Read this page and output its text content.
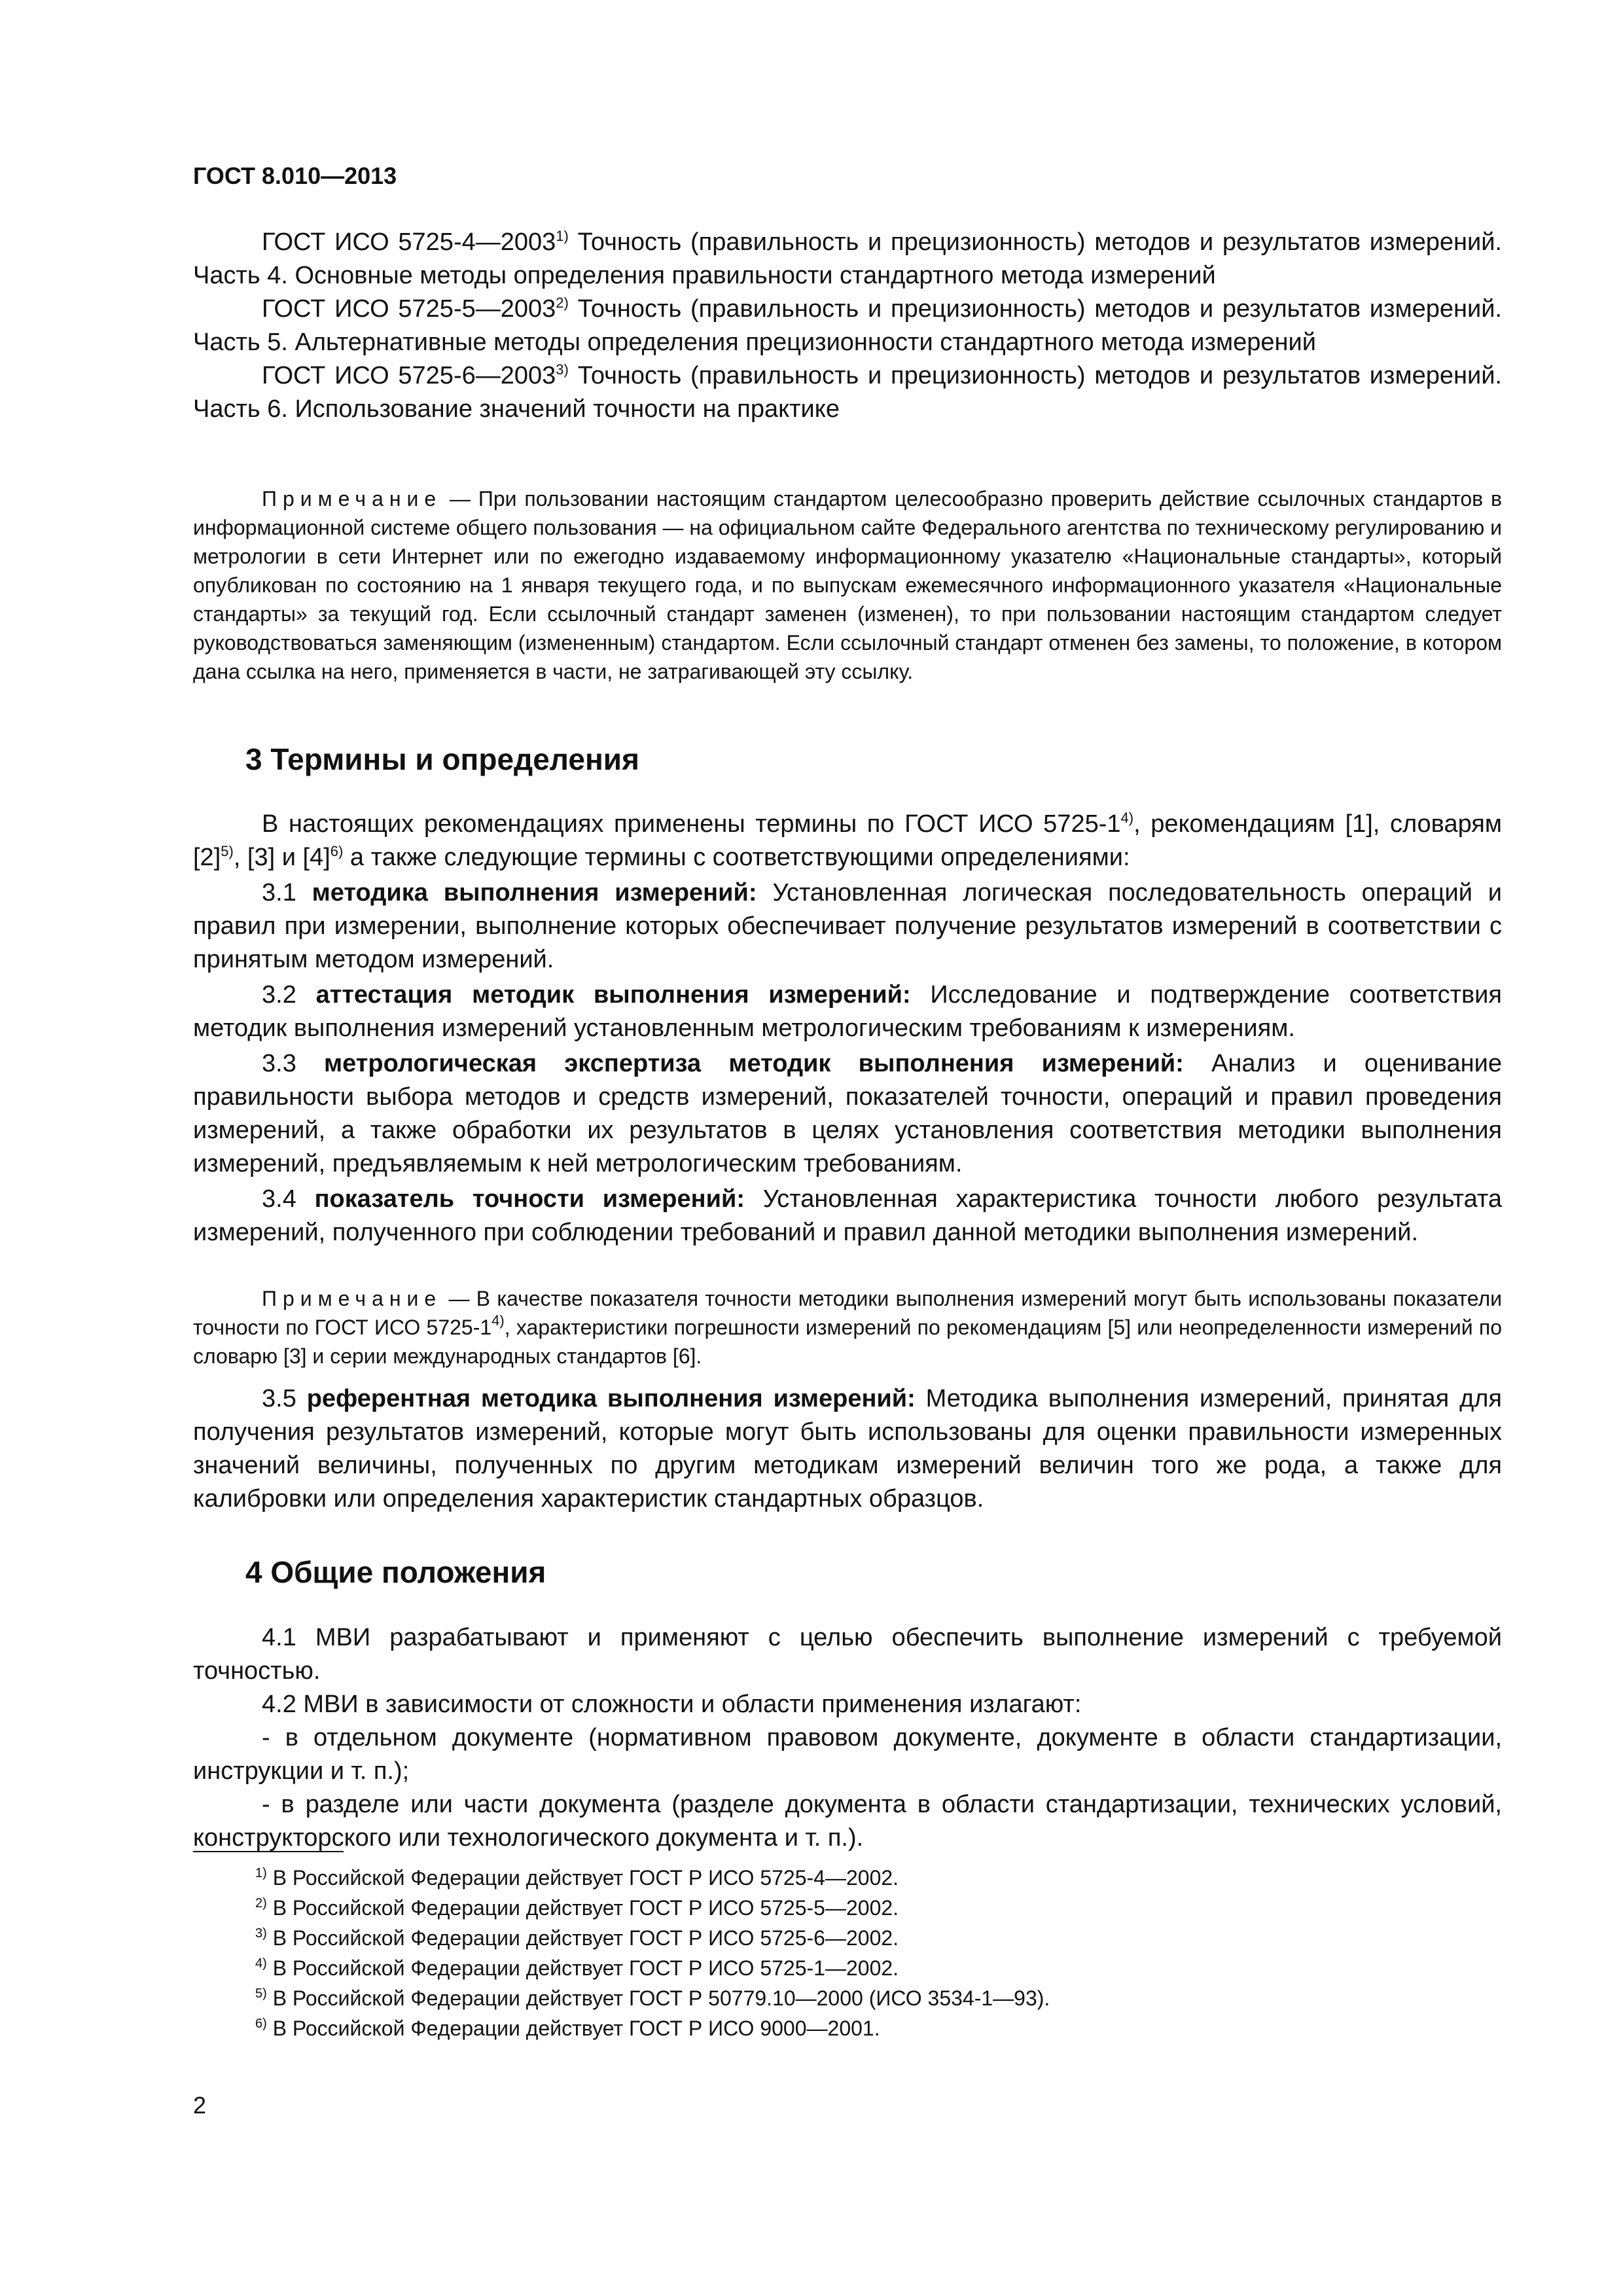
ГОСТ 8.010—2013

ГОСТ ИСО 5725-4—2003$^{1)}$ Точность (правильность и прецизионность) методов и результатов измерений. Часть 4. Основные методы определения правильности стандартного метода измерений

ГОСТ ИСО 5725-5—2003$^{2)}$ Точность (правильность и прецизионность) методов и результатов измерений. Часть 5. Альтернативные методы определения прецизионности стандартного метода измерений

ГОСТ ИСО 5725-6—2003$^{3)}$ Точность (правильность и прецизионность) методов и результатов измерений. Часть 6. Использование значений точности на практике

Примечание — При пользовании настоящим стандартом целесообразно проверить действие ссылочных стандартов в информационной системе общего пользования — на официальном сайте Федерального агентства по техническому регулированию и метрологии в сети Интернет или по ежегодно издаваемому информационному указателю «Национальные стандарты», который опубликован по состоянию на 1 января текущего года, и по выпускам ежемесячного информационного указателя «Национальные стандарты» за текущий год. Если ссылочный стандарт заменен (изменен), то при пользовании настоящим стандартом следует руководствоваться заменяющим (измененным) стандартом. Если ссылочный стандарт отменен без замены, то положение, в котором дана ссылка на него, применяется в части, не затрагивающей эту ссылку.

3 Термины и определения

В настоящих рекомендациях применены термины по ГОСТ ИСО 5725-1$^{4)}$, рекомендациям [1], словарям $[2]^{5)}$, [3] и $[4]^{6)}$ а также следующие термины с соответствующими определениями:

3.1 методика выполнения измерений: Установленная логическая последовательность операций и правил при измерении, выполнение которых обеспечивает получение результатов измерений в соответствии с принятым методом измерений.

3.2 аттестация методик выполнения измерений: Исследование и подтверждение соответствия методик выполнения измерений установленным метрологическим требованиям к измерениям.

3.3 метрологическая экспертиза методик выполнения измерений: Анализ и оценивание правильности выбора методов и средств измерений, показателей точности, операций и правил проведения измерений, а также обработки их результатов в целях установления соответствия методики выполнения измерений, предъявляемым к ней метрологическим требованиям.

3.4 показатель точности измерений: Установленная характеристика точности любого результата измерений, полученного при соблюдении требований и правил данной методики выполнения измерений.

Примечание — В качестве показателя точности методики выполнения измерений могут быть использованы показатели точности по ГОСТ ИСО 5725-1$^{4)}$, характеристики погрешности измерений по рекомендациям [5] или неопределенности измерений по словарю [3] и серии международных стандартов [6].

3.5 референтная методика выполнения измерений: Методика выполнения измерений, принятая для получения результатов измерений, которые могут быть использованы для оценки правильности измеренных значений величины, полученных по другим методикам измерений величин того же рода, а также для калибровки или определения характеристик стандартных образцов.

4 Общие положения

4.1 МВИ разрабатывают и применяют с целью обеспечить выполнение измерений с требуемой точностью.

4.2 МВИ в зависимости от сложности и области применения излагают:

- в отдельном документе (нормативном правовом документе, документе в области стандартизации, инструкции и т. п.);

- в разделе или части документа (разделе документа в области стандартизации, технических условий, конструкторского или технологического документа и т. п.).

$^{1)}$ В Российской Федерации действует ГОСТ Р ИСО 5725-4—2002.
$^{2)}$ В Российской Федерации действует ГОСТ Р ИСО 5725-5—2002.
$^{3)}$ В Российской Федерации действует ГОСТ Р ИСО 5725-6—2002.
$^{4)}$ В Российской Федерации действует ГОСТ Р ИСО 5725-1—2002.
$^{5)}$ В Российской Федерации действует ГОСТ Р 50779.10—2000 (ИСО 3534-1—93).
$^{6)}$ В Российской Федерации действует ГОСТ Р ИСО 9000—2001.
2
